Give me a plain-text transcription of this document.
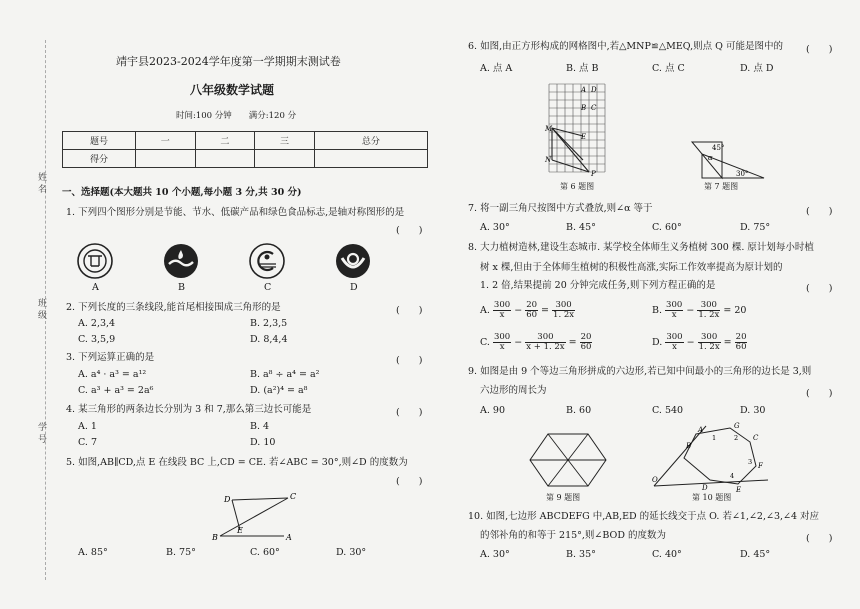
姓
名
班
级
学
号
靖宇县2023-2024学年度第一学期期末测试卷
八年级数学试题
时间:100 分钟　　满分:120 分
题号	一	二	三	总分
得分				
一、选择题(本大题共 10 个小题,每小题 3 分,共 30 分)
1. 下列四个图形分别是节能、节水、低碳产品和绿色食品标志,是轴对称图形的是
(　　)
A	B	C	D
2. 下列长度的三条线段,能首尾相接围成三角形的是	(　　)
A. 2,3,4	B. 2,3,5
C. 3,5,9	D. 8,4,4
3. 下列运算正确的是	(　　)
A. a⁴ · a³ = a¹²	B. a⁸ ÷ a⁴ = a²
C. a³ + a³ = 2a⁶	D. (a²)⁴ = a⁸
4. 某三角形的两条边长分别为 3 和 7,那么第三边长可能是	(　　)
A. 1	B. 4
C. 7	D. 10
5. 如图,AB∥CD,点 E 在线段 BC 上,CD = CE. 若∠ABC = 30°,则∠D 的度数为
(　　)
D	C
E
B	A
A. 85°	B. 75°	C. 60°	D. 30°
6. 如图,由正方形构成的网格图中,若△MNP≌△MEQ,则点 Q 可能是图中的 (　　)
A. 点 A	B. 点 B	C. 点 C	D. 点 D
A D
B C
M
E
N
P
第 6 题图
45°
α
30°
第 7 题图
7. 将一副三角尺按图中方式叠放,则∠α 等于	(　　)
A. 30°	B. 45°	C. 60°	D. 75°
8. 大力植树造林,建设生态城市. 某学校全体师生义务植树 300 棵. 原计划每小时植
树 x 棵,但由于全体师生植树的积极性高涨,实际工作效率提高为原计划的
1. 2 倍,结果提前 20 分钟完成任务,则下列方程正确的是	(　　)
A. $\frac{300}{x} - \frac{20}{60} = \frac{300}{1. 2x}$	B. $\frac{300}{x} - \frac{300}{1. 2x} = 20$
C. $\frac{300}{x} - \frac{300}{x + 1. 2x} = \frac{20}{60}$	D. $\frac{300}{x} - \frac{300}{1. 2x} = \frac{20}{60}$
9. 如图是由 9 个等边三角形拼成的六边形,若已知中间最小的三角形的边长是 3,则
六边形的周长为	(　　)
A. 90	B. 60	C. 540	D. 30
第 9 题图
A	G
B
C
F
O
D	E
1	2
3
4
第 10 题图
10. 如图,七边形 ABCDEFG 中,AB,ED 的延长线交于点 O. 若∠1,∠2,∠3,∠4 对应
的邻补角的和等于 215°,则∠BOD 的度数为	(　　)
A. 30°	B. 35°	C. 40°	D. 45°
